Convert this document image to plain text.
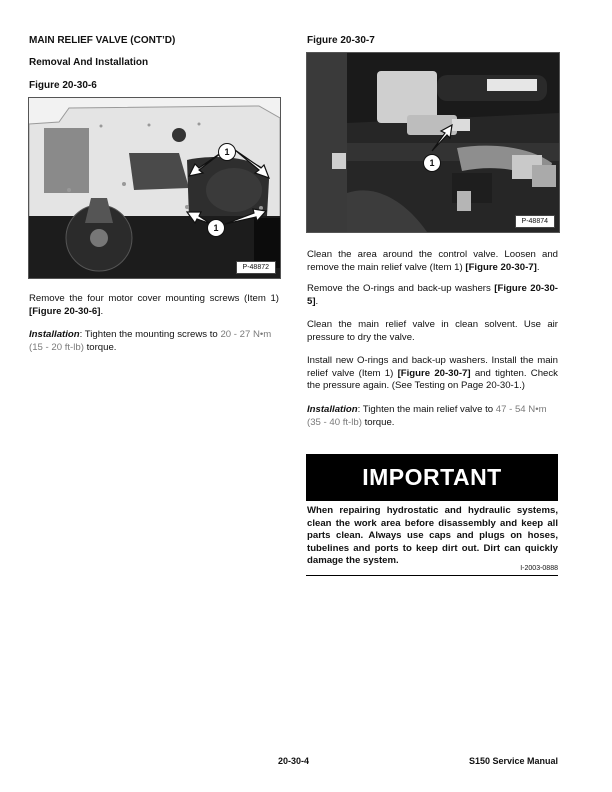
MAIN RELIEF VALVE (CONT’D)
Removal And Installation
Figure 20-30-6
1
1
P-48872
Remove the four motor cover mounting screws (Item 1) [Figure 20-30-6].
Installation: Tighten the mounting screws to 20 - 27 N•m (15 - 20 ft-lb) torque.
Figure 20-30-7
1
P-48874
Clean the area around the control valve. Loosen and remove the main relief valve (Item 1) [Figure 20-30-7].
Remove the O-rings and back-up washers [Figure 20-30-5].
Clean the main relief valve in clean solvent. Use air pressure to dry the valve.
Install new O-rings and back-up washers. Install the main relief valve (Item 1) [Figure 20-30-7] and tighten. Check the pressure again. (See Testing on Page 20-30-1.)
Installation: Tighten the main relief valve to 47 - 54 N•m (35 - 40 ft-lb) torque.
IMPORTANT
When repairing hydrostatic and hydraulic systems, clean the work area before disassembly and keep all parts clean. Always use caps and plugs on hoses, tubelines and ports to keep dirt out. Dirt can quickly damage the system.
I-2003-0888
20-30-4	S150 Service Manual
